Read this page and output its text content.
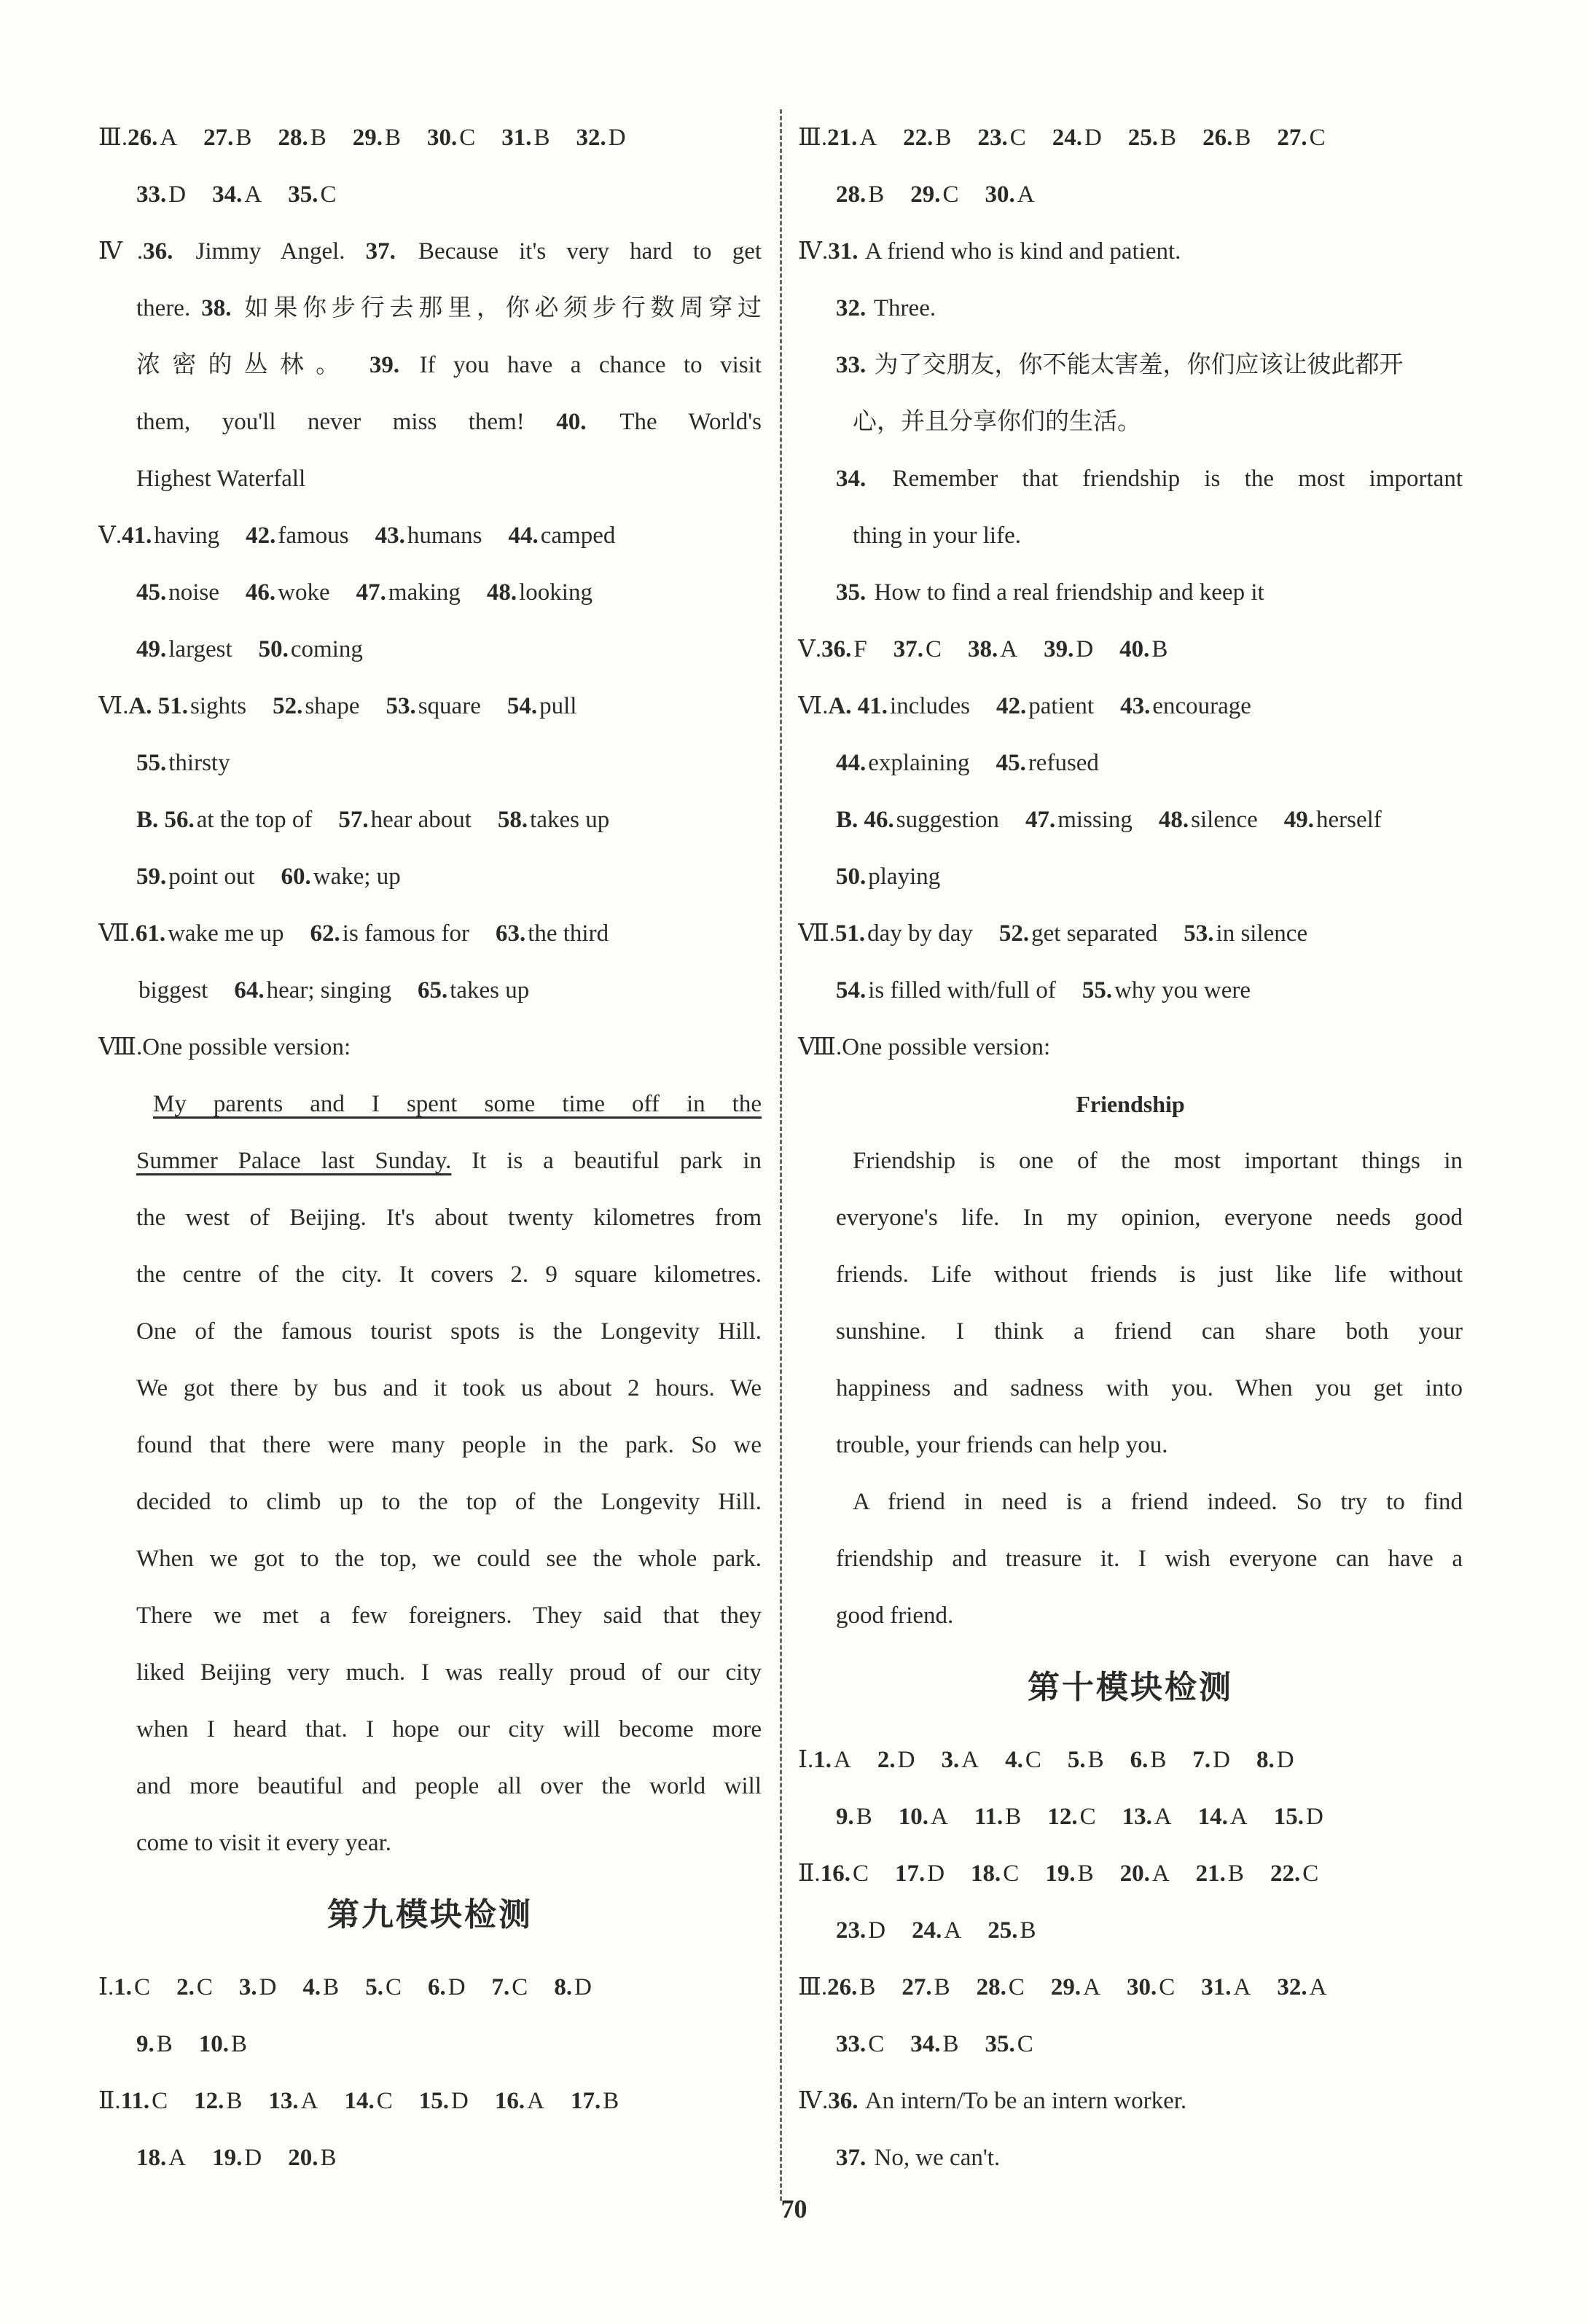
Ⅲ.26.A 27.B 28.B 29.B 30.C 31.B 32.D
33.D 34.A 35.C
Ⅳ.36. Jimmy Angel. 37. Because it's very hard to get
there. 38. 如果你步行去那里，你必须步行数周穿过
浓密的丛林。 39. If you have a chance to visit
them, you'll never miss them! 40. The World's
Highest Waterfall
Ⅴ.41.having 42.famous 43.humans 44.camped
45.noise 46.woke 47.making 48.looking
49.largest 50.coming
Ⅵ.A. 51.sights 52.shape 53.square 54.pull
55.thirsty
B. 56.at the top of 57.hear about 58.takes up
59.point out 60.wake; up
Ⅶ.61.wake me up 62.is famous for 63.the third
biggest 64.hear; singing 65.takes up
Ⅷ.One possible version:
My parents and I spent some time off in the
Summer Palace last Sunday. It is a beautiful park in
the west of Beijing. It's about twenty kilometres from
the centre of the city. It covers 2. 9 square kilometres.
One of the famous tourist spots is the Longevity Hill.
We got there by bus and it took us about 2 hours. We
found that there were many people in the park. So we
decided to climb up to the top of the Longevity Hill.
When we got to the top, we could see the whole park.
There we met a few foreigners. They said that they
liked Beijing very much. I was really proud of our city
when I heard that. I hope our city will become more
and more beautiful and people all over the world will
come to visit it every year.
第九模块检测
Ⅰ.1.C 2.C 3.D 4.B 5.C 6.D 7.C 8.D
9.B 10.B
Ⅱ.11.C 12.B 13.A 14.C 15.D 16.A 17.B
18.A 19.D 20.B
Ⅲ.21.A 22.B 23.C 24.D 25.B 26.B 27.C
28.B 29.C 30.A
Ⅳ.31. A friend who is kind and patient.
32. Three.
33. 为了交朋友，你不能太害羞，你们应该让彼此都开
心，并且分享你们的生活。
34. Remember that friendship is the most important
thing in your life.
35. How to find a real friendship and keep it
Ⅴ.36.F 37.C 38.A 39.D 40.B
Ⅵ.A. 41.includes 42.patient 43.encourage
44.explaining 45.refused
B. 46.suggestion 47.missing 48.silence 49.herself
50.playing
Ⅶ.51.day by day 52.get separated 53.in silence
54.is filled with/full of 55.why you were
Ⅷ.One possible version:
Friendship
Friendship is one of the most important things in
everyone's life. In my opinion, everyone needs good
friends. Life without friends is just like life without
sunshine. I think a friend can share both your
happiness and sadness with you. When you get into
trouble, your friends can help you.
A friend in need is a friend indeed. So try to find
friendship and treasure it. I wish everyone can have a
good friend.
第十模块检测
Ⅰ.1.A 2.D 3.A 4.C 5.B 6.B 7.D 8.D
9.B 10.A 11.B 12.C 13.A 14.A 15.D
Ⅱ.16.C 17.D 18.C 19.B 20.A 21.B 22.C
23.D 24.A 25.B
Ⅲ.26.B 27.B 28.C 29.A 30.C 31.A 32.A
33.C 34.B 35.C
Ⅳ.36. An intern/To be an intern worker.
37. No, we can't.
70
